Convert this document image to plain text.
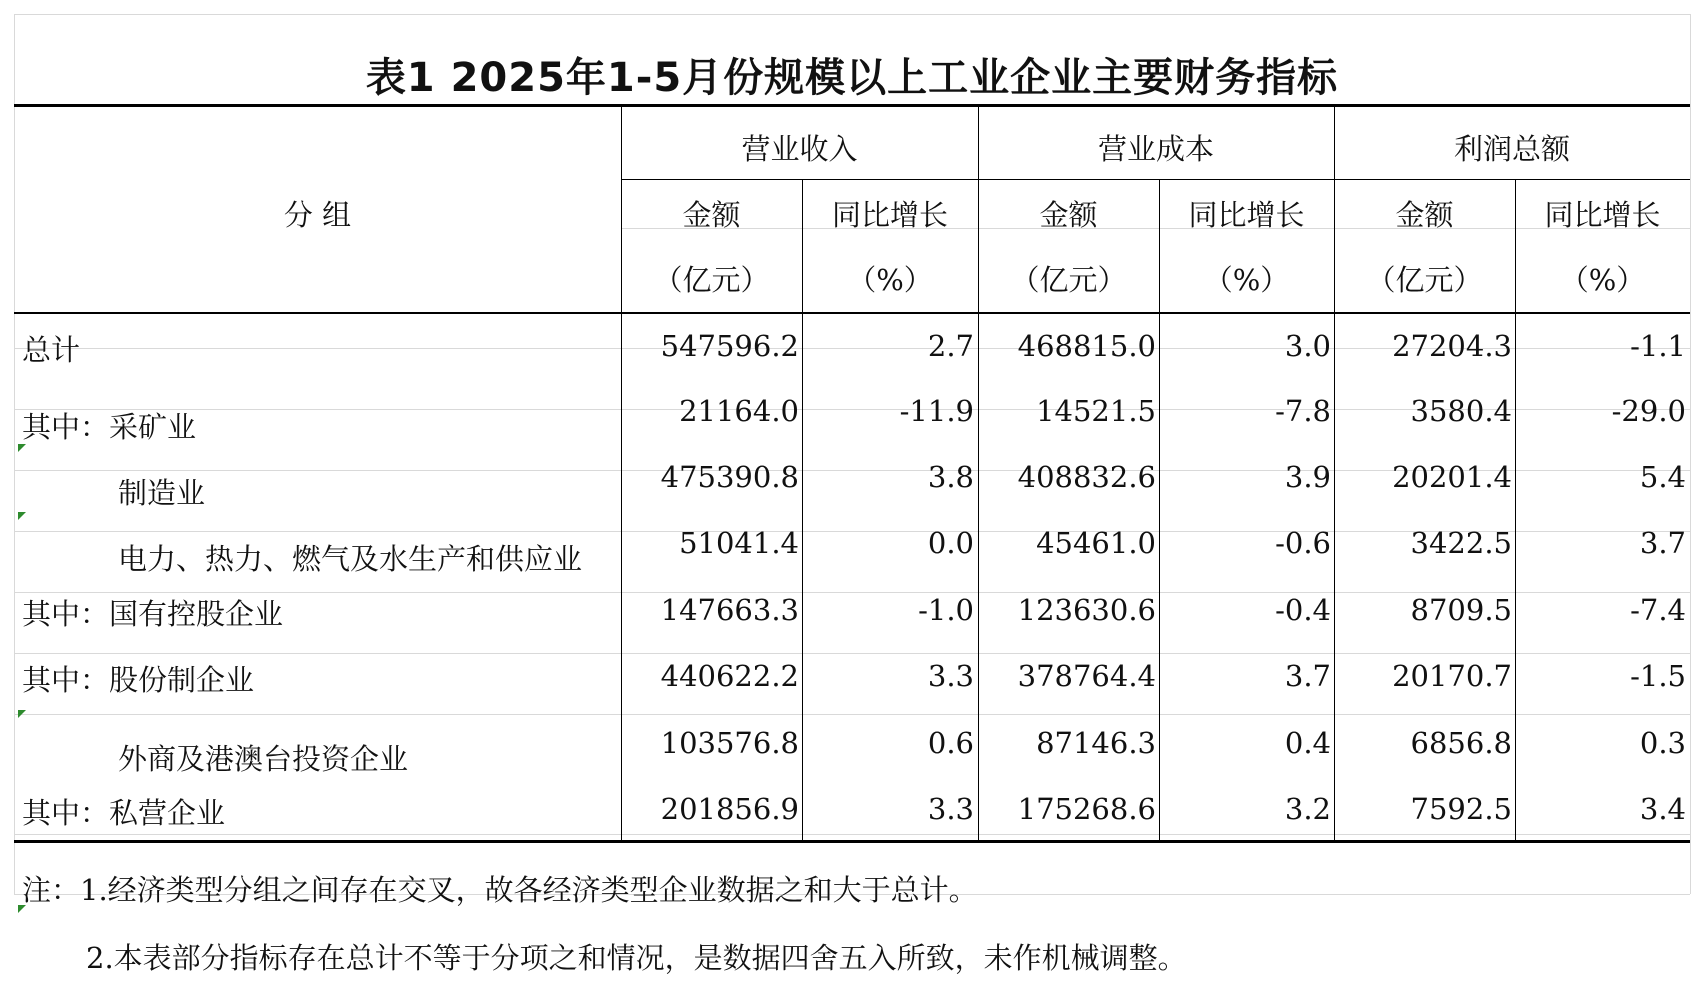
表1 2025年1-5月份规模以上工业企业主要财务指标
分 组
营业收入	营业成本	利润总额
金额	同比增长	金额	同比增长	金额	同比增长
（亿元）	（%）	（亿元）	（%）	（亿元）	（%）
总计	547596.2	2.7	468815.0	3.0	27204.3	-1.1
其中：采矿业	21164.0	-11.9	14521.5	-7.8	3580.4	-29.0
制造业	475390.8	3.8	408832.6	3.9	20201.4	5.4
电力、热力、燃气及水生产和供应业	51041.4	0.0	45461.0	-0.6	3422.5	3.7
其中：国有控股企业	147663.3	-1.0	123630.6	-0.4	8709.5	-7.4
其中：股份制企业	440622.2	3.3	378764.4	3.7	20170.7	-1.5
外商及港澳台投资企业	103576.8	0.6	87146.3	0.4	6856.8	0.3
其中：私营企业	201856.9	3.3	175268.6	3.2	7592.5	3.4
注：1.经济类型分组之间存在交叉，故各经济类型企业数据之和大于总计。
2.本表部分指标存在总计不等于分项之和情况，是数据四舍五入所致，未作机械调整。
